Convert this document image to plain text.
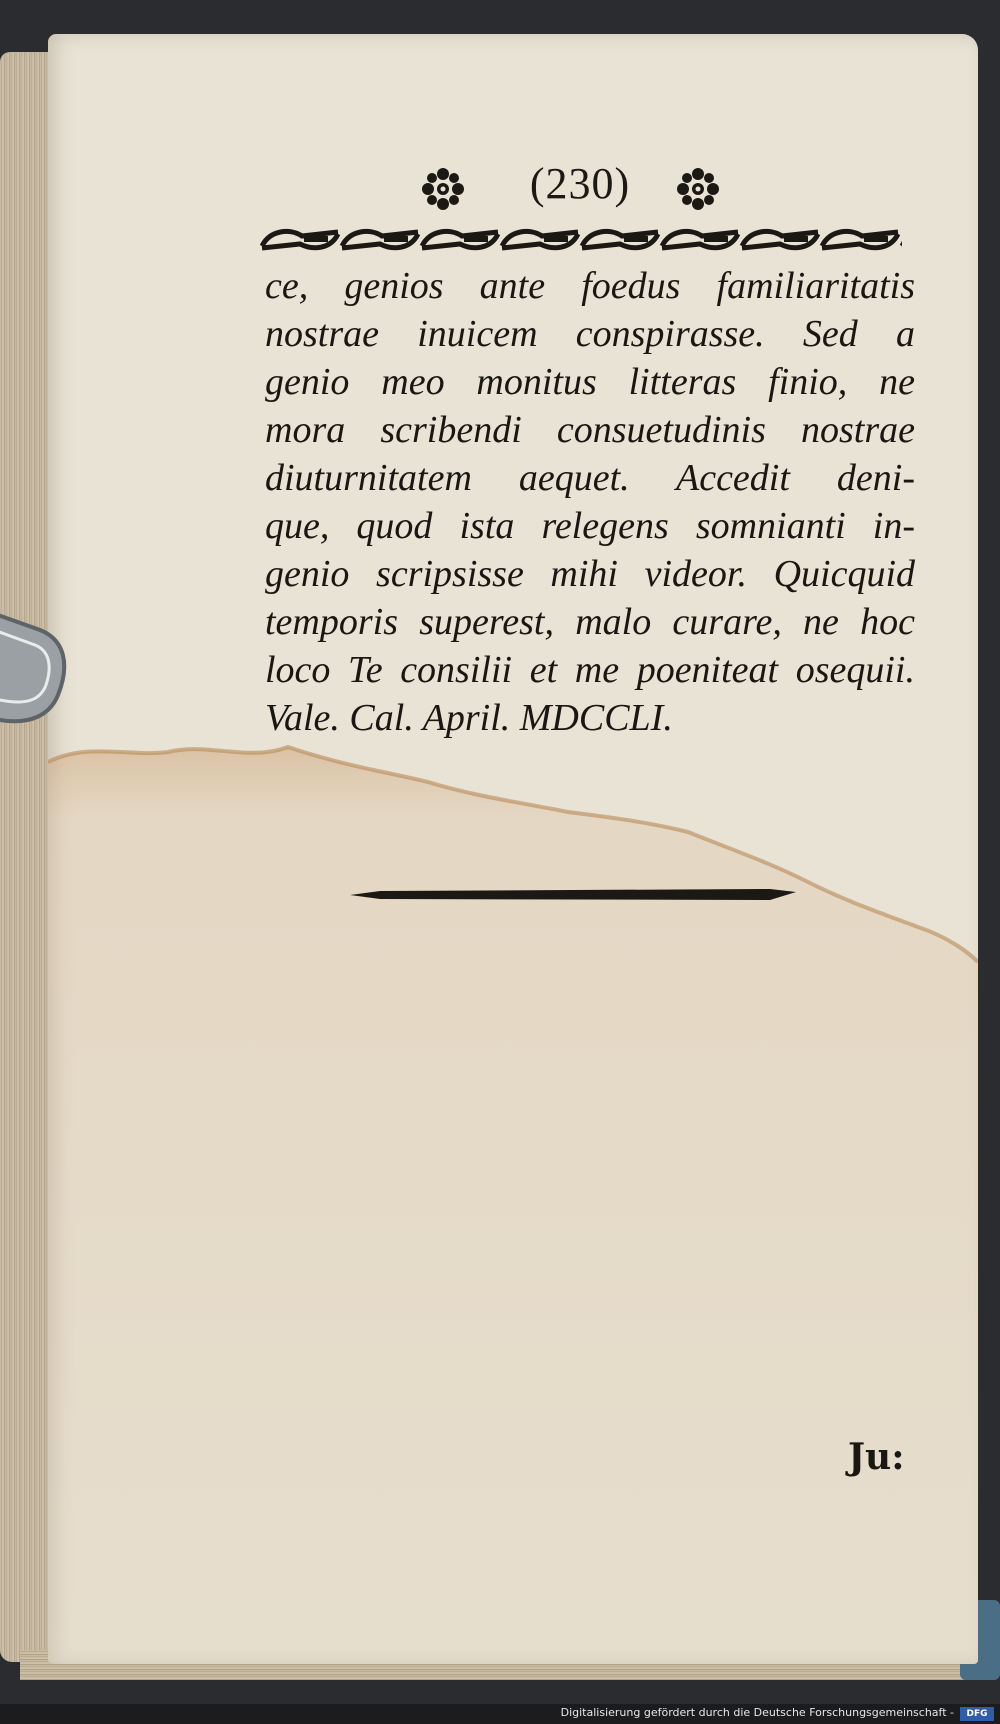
(230)
ce, genios ante foedus familiaritatis
nostrae inuicem conspirasse. Sed a
genio meo monitus litteras finio, ne
mora scribendi consuetudinis nostrae
diuturnitatem aequet. Accedit deni-
que, quod ista relegens somnianti in-
genio scripsisse mihi videor. Quicquid
temporis superest, malo curare, ne hoc
loco Te consilii et me poeniteat osequii.
Vale. Cal. April. MDCCLI.
Ju:
Digitalisierung gefördert durch die Deutsche Forschungsgemeinschaft -	DFG
